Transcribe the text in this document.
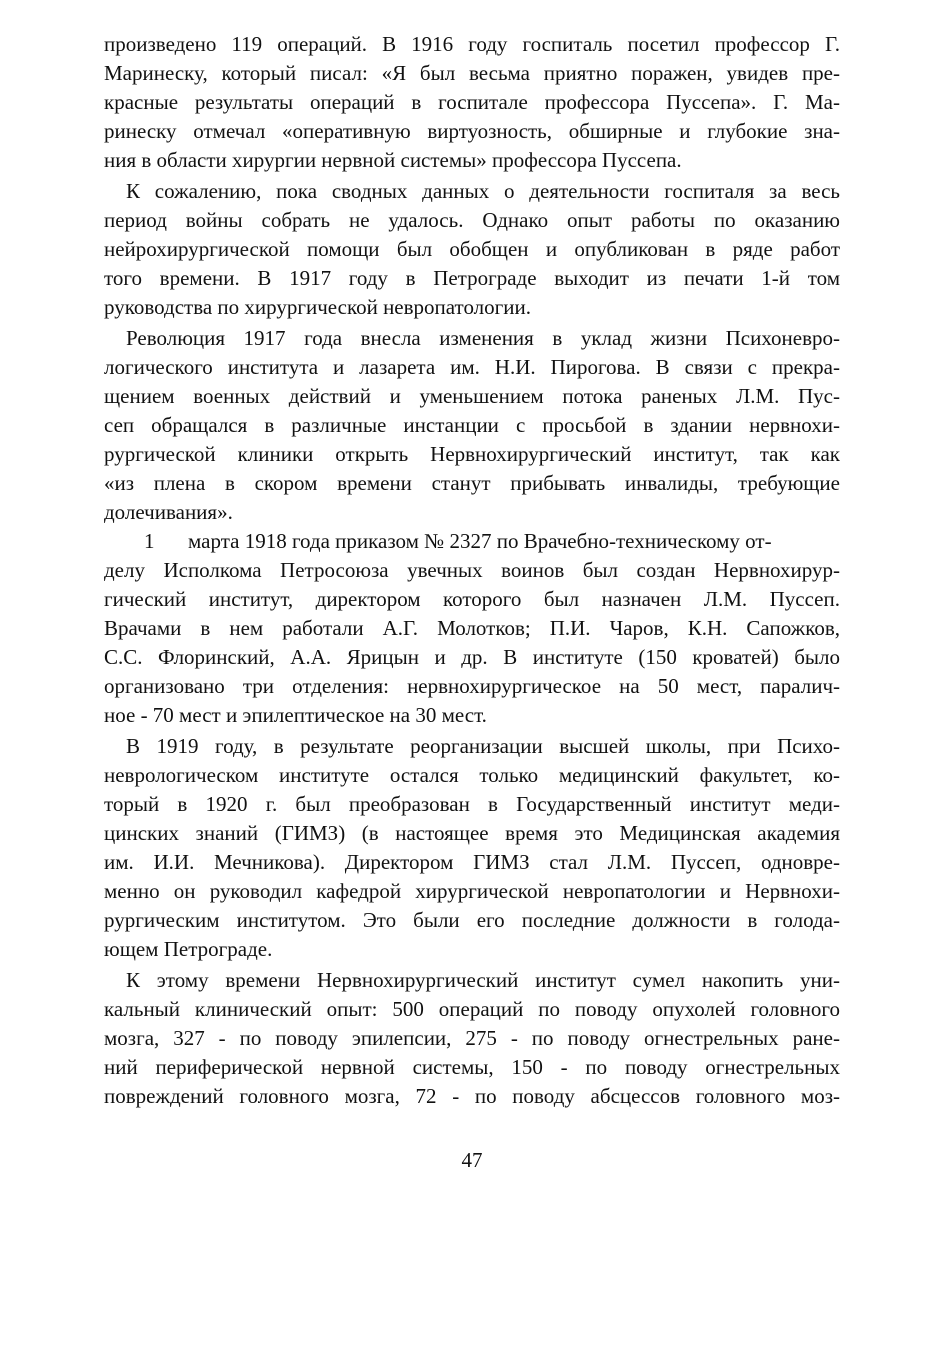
произведено 119 операций. В 1916 году госпиталь посетил профессор Г.
Маринеску, который писал: «Я был весьма приятно поражен, увидев пре-
красные результаты операций в госпитале профессора Пуссепа». Г. Ма-
ринеску отмечал «оперативную виртуозность, обширные и глубокие зна-
ния в области хирургии нервной системы» профессора Пуссепа.
К сожалению, пока сводных данных о деятельности госпиталя за весь
период войны собрать не удалось. Однако опыт работы по оказанию
нейрохирургической помощи был обобщен и опубликован в ряде работ
того времени. В 1917 году в Петрограде выходит из печати 1-й том
руководства по хирургической невропатологии.
Революция 1917 года внесла изменения в уклад жизни Психоневро-
логического института и лазарета им. Н.И. Пирогова. В связи с прекра-
щением военных действий и уменьшением потока раненых Л.М. Пус-
сеп обращался в различные инстанции с просьбой в здании нервнохи-
рургической клиники открыть Нервнохирургический институт, так как
«из плена в скором времени станут прибывать инвалиды, требующие
долечивания».
1 марта 1918 года приказом № 2327 по Врачебно-техническому от-
делу Исполкома Петросоюза увечных воинов был создан Нервнохирур-
гический институт, директором которого был назначен Л.М. Пуссеп.
Врачами в нем работали А.Г. Молотков; П.И. Чаров, К.Н. Сапожков,
С.С. Флоринский, А.А. Ярицын и др. В институте (150 кроватей) было
организовано три отделения: нервнохирургическое на 50 мест, паралич-
ное - 70 мест и эпилептическое на 30 мест.
В 1919 году, в результате реорганизации высшей школы, при Психо-
неврологическом институте остался только медицинский факультет, ко-
торый в 1920 г. был преобразован в Государственный институт меди-
цинских знаний (ГИМЗ) (в настоящее время это Медицинская академия
им. И.И. Мечникова). Директором ГИМЗ стал Л.М. Пуссеп, одновре-
менно он руководил кафедрой хирургической невропатологии и Нервнохи-
рургическим институтом. Это были его последние должности в голода-
ющем Петрограде.
К этому времени Нервнохирургический институт сумел накопить уни-
кальный клинический опыт: 500 операций по поводу опухолей головного
мозга, 327 - по поводу эпилепсии, 275 - по поводу огнестрельных ране-
ний периферической нервной системы, 150 - по поводу огнестрельных
повреждений головного мозга, 72 - по поводу абсцессов головного моз-
47
